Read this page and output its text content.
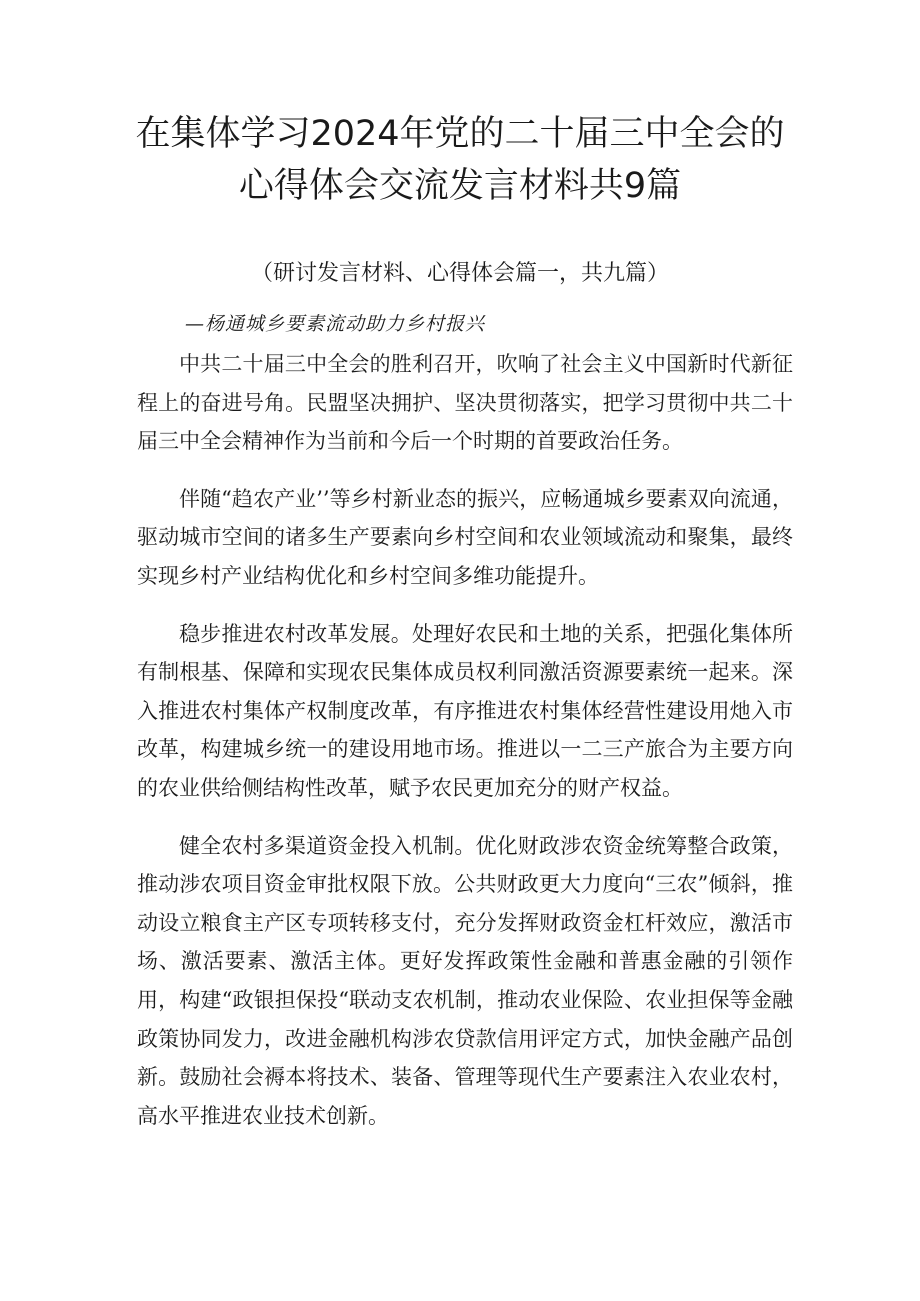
在集体学习2024年党的二十届三中全会的
心得体会交流发言材料共9篇
（研讨发言材料、心得体会篇一，共九篇）
—杨通城乡要素流动助力乡村报兴

中共二十届三中全会的胜利召开，吹响了社会主义中国新时代新征程上的奋进号角。民盟坚决拥护、坚决贯彻落实，把学习贯彻中共二十届三中全会精神作为当前和今后一个时期的首要政治任务。

伴随“趋农产业’’等乡村新业态的振兴，应畅通城乡要素双向流通，驱动城市空间的诸多生产要素向乡村空间和农业领域流动和聚集，最终实现乡村产业结构优化和乡村空间多维功能提升。

稳步推进农村改革发展。处理好农民和土地的关系，把强化集体所有制根基、保障和实现农民集体成员权利同激活资源要素统一起来。深入推进农村集体产权制度改革，有序推进农村集体经营性建设用灺入市改革，构建城乡统一的建设用地市场。推进以一二三产旅合为主要方向的农业供给侧结构性改革，赋予农民更加充分的财产权益。

健全农村多渠道资金投入机制。优化财政涉农资金统筹整合政策，推动涉农项目资金审批权限下放。公共财政更大力度向“三农”倾斜，推动设立粮食主产区专项转移支付，充分发挥财政资金杠杆效应，激活市场、激活要素、激活主体。更好发挥政策性金融和普惠金融的引领作用，构建“政银担保投“联动支农机制，推动农业保险、农业担保等金融政策协同发力，改进金融机构涉农贷款信用评定方式，加快金融产品创新。鼓励社会褥本将技术、装备、管理等现代生产要素注入农业农村，高水平推进农业技术创新。
